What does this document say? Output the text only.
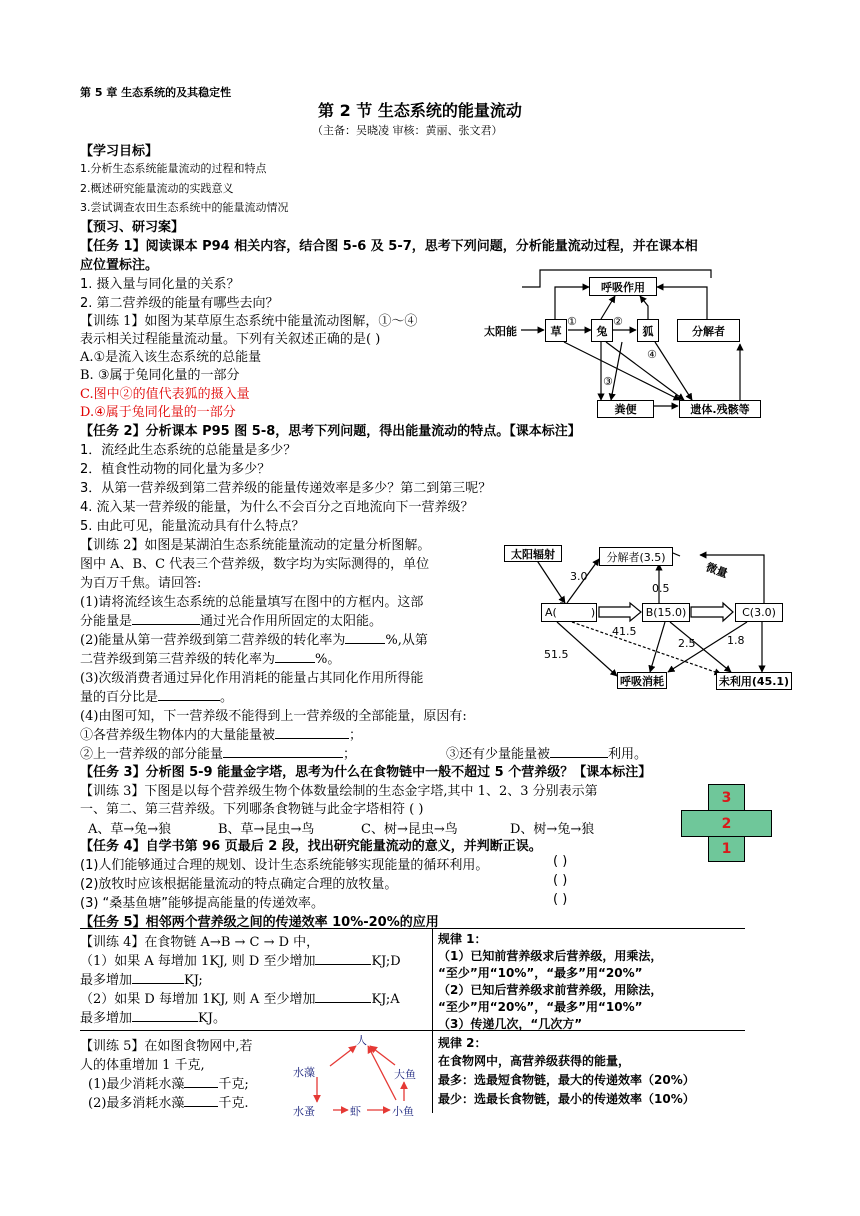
第 5 章 生态系统的及其稳定性
第 2 节 生态系统的能量流动
（主备：吴晓凌 审核：黄丽、张文君）
【学习目标】
1.分析生态系统能量流动的过程和特点
2.概述研究能量流动的实践意义
3.尝试调查农田生态系统中的能量流动情况
【预习、研习案】
【任务 1】阅读课本 P94 相关内容，结合图 5-6 及 5-7，思考下列问题，分析能量流动过程，并在课本相
应位置标注。
1. 摄入量与同化量的关系？
2. 第二营养级的能量有哪些去向？
【训练 1】如图为某草原生态系统中能量流动图解，①～④
表示相关过程能量流动量。下列有关叙述正确的是( )
A.①是流入该生态系统的总能量
B. ③属于兔同化量的一部分
C.图中②的值代表狐的摄入量
D.④属于兔同化量的一部分
太阳能	草	兔	狐
呼吸作用
分解者
粪便	遗体.残骸等
①	②
③
④
【任务 2】分析课本 P95 图 5-8，思考下列问题，得出能量流动的特点。【课本标注】
1．流经此生态系统的总能量是多少？
2．植食性动物的同化量为多少？
3．从第一营养级到第二营养级的能量传递效率是多少？第二到第三呢？
4. 流入某一营养级的能量，为什么不会百分之百地流向下一营养级？
5. 由此可见，能量流动具有什么特点？
【训练 2】如图是某湖泊生态系统能量流动的定量分析图解。
图中 A、B、C 代表三个营养级，数字均为实际测得的，单位
为百万千焦。请回答:
(1)请将流经该生态系统的总能量填写在图中的方框内。这部
分能量是	通过光合作用所固定的太阳能。
(2)能量从第一营养级到第二营养级的转化率为	%,从第
二营养级到第三营养级的转化率为	%。
(3)次级消费者通过异化作用消耗的能量占其同化作用所得能
量的百分比是	。
(4)由图可知，下一营养级不能得到上一营养级的全部能量，原因有:
①各营养级生物体内的大量能量被	；
②上一营养级的部分能量	；	③还有少量能量被	利用。
太阳辐射	分解者(3.5)
A(	)	B(15.0)	C(3.0)
呼吸消耗	未利用(45.1)
微量
3.0
0.5
41.5
51.5
2.5	1.8
【任务 3】分析图 5-9 能量金字塔，思考为什么在食物链中一般不超过 5 个营养级？【课本标注】
【训练 3】下图是以每个营养级生物个体数量绘制的生态金字塔,其中 1、2、3 分别表示第
一、第二、第三营养级。下列哪条食物链与此金字塔相符 ( )
A、草→兔→狼	B、草→昆虫→鸟	C、树→昆虫→鸟	D、树→兔→狼
3
2
1
【任务 4】自学书第 96 页最后 2 段，找出研究能量流动的意义，并判断正误。
(1)人们能够通过合理的规划、设计生态系统能够实现能量的循环利用。	( )
(2)放牧时应该根据能量流动的特点确定合理的放牧量。	( )
(3) “桑基鱼塘”能够提高能量的传递效率。	( )
【任务 5】相邻两个营养级之间的传递效率 10%-20%的应用
【训练 4】在食物链 A→B → C → D 中，
（1）如果 A 每增加 1KJ, 则 D 至少增加	KJ;D
最多增加	KJ;
（2）如果 D 每增加 1KJ, 则 A 至少增加	KJ;A
最多增加	KJ。
规律 1：
（1）已知前营养级求后营养级，用乘法，
“至少”用“10%”，“最多”用“20%”
（2）已知后营养级求前营养级，用除法，
“至少”用“20%”，“最多”用“10%”
（3）传递几次，“几次方”
【训练 5】在如图食物网中,若
人的体重增加 1 千克,
(1)最少消耗水藻	千克;
(2)最多消耗水藻	千克.
人
水藻	大鱼
水蚤	虾	小鱼
规律 2：
在食物网中，高营养级获得的能量，
最多：选最短食物链，最大的传递效率（20%）
最少：选最长食物链，最小的传递效率（10%）
